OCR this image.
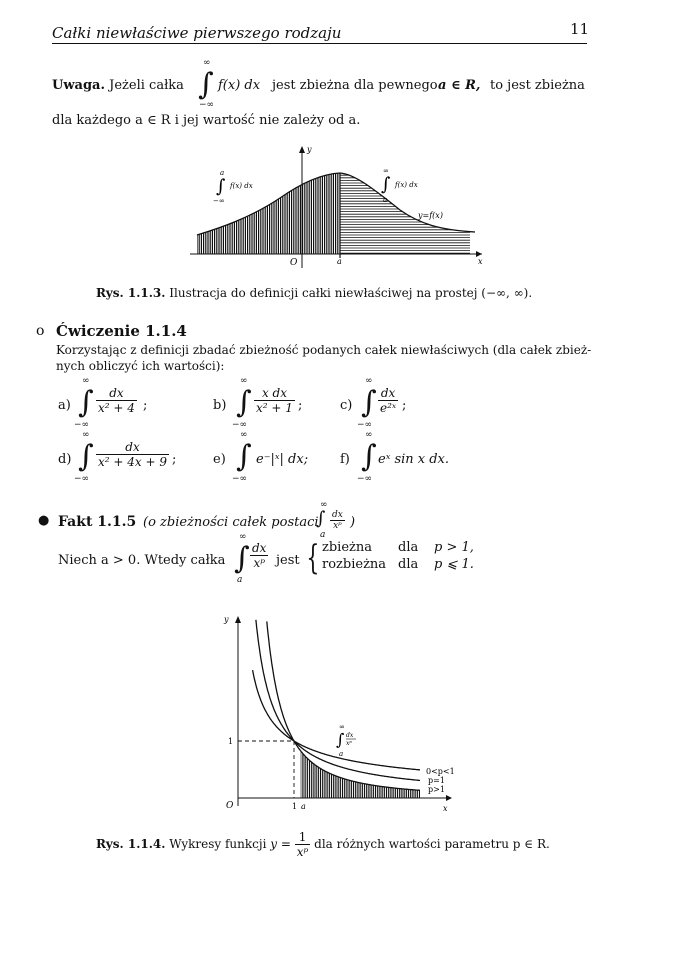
Całki niewłaściwe pierwszego rodzaju	11
Uwaga. Jeżeli całka
∞
∫
−∞
f(x) dx jest zbieżna dla pewnego a ∈ R, to jest zbieżna
dla każdego a ∈ R i jej wartość nie zależy od a.
y
x
O	a
a
∫ f(x) dx
−∞
∞
∫ f(x) dx
a
y=f(x)
Rys. 1.1.3. Ilustracja do definicji całki niewłaściwej na prostej (−∞, ∞).
o Ćwiczenie 1.1.4
Korzystając z definicji zbadać zbieżność podanych całek niewłaściwych (dla całek zbież-
nych obliczyć ich wartości):
a)
∞
∫
−∞
$\frac{dx}{\text{x² + 4}}$ ;	b)
∞
∫
−∞
$\frac{\text{x dx}}{\text{x² + 1}}$ ;	c)
∞
∫
−∞
$\frac{dx}{\text{e²ˣ}}$ ;
d)
∞
∫
−∞
$\frac{dx}{\text{x² + 4x + 9}}$ ;	e)
∞
∫
−∞
e⁻|ˣ| dx; f)
∞
∫
−∞
eˣ sin x dx.
● Fakt 1.1.5 (o zbieżności całek postaci
∞
∫
a
$\frac{dx}{\text{xᵖ}}$ )
Niech a > 0. Wtedy całka
∞
∫
a
$\frac{dx}{\text{xᵖ}}$ jest { zbieżna dla p > 1,
rozbieżna dla p ⩽ 1.
y
x
O
1
1 a
∞
∫ dx
xᵖ
a
0<p<1
p=1
p>1
Rys. 1.1.4. Wykresy funkcji $y = \frac{1}{\text{xᵖ}}$ dla różnych wartości parametru p ∈ R.
